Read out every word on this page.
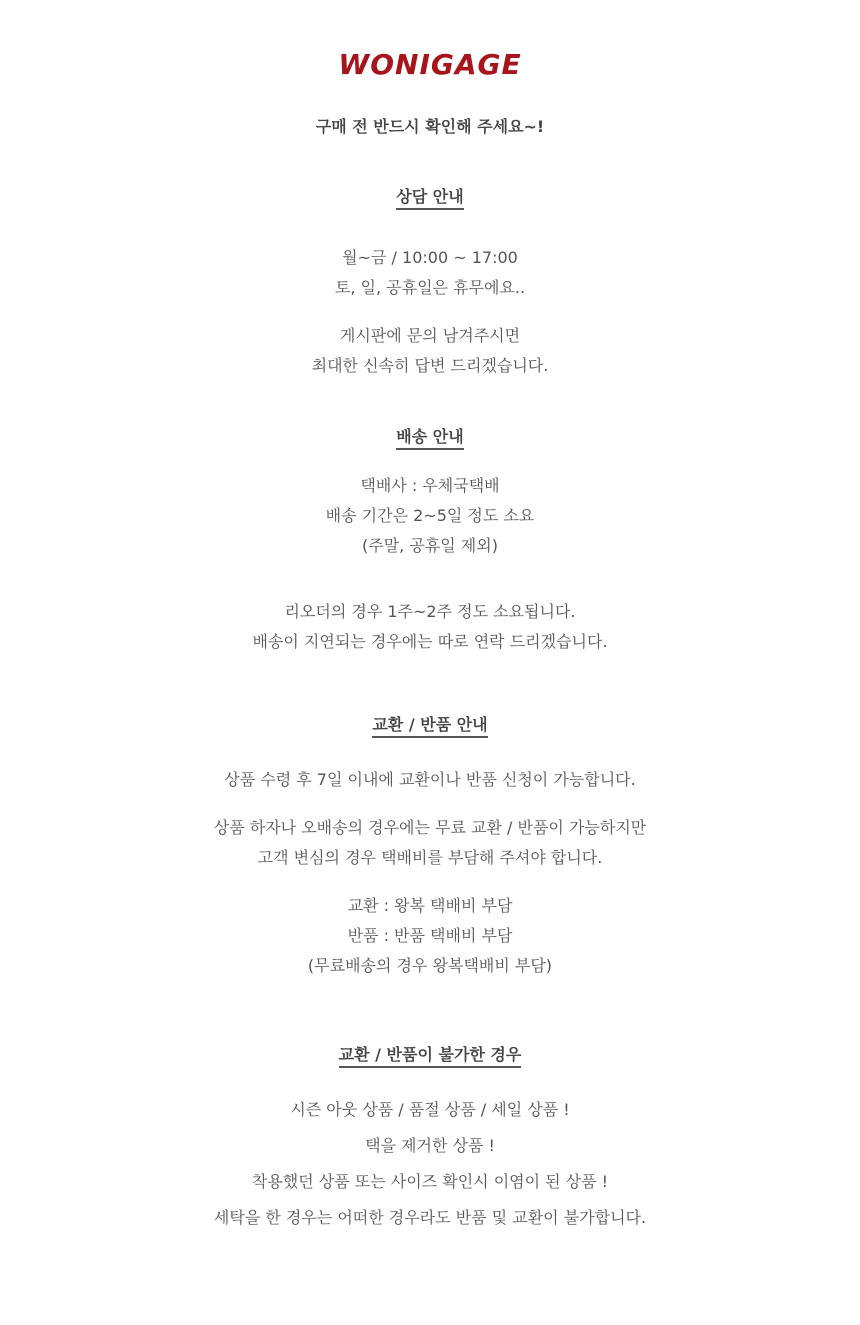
WONIGAGE
구매 전 반드시 확인해 주세요~!
상담 안내
월~금 / 10:00 ~ 17:00
토, 일, 공휴일은 휴무에요..
게시판에 문의 남겨주시면
최대한 신속히 답변 드리겠습니다.
배송 안내
택배사 : 우체국택배
배송 기간은 2~5일 정도 소요
(주말, 공휴일 제외)
리오더의 경우 1주~2주 정도 소요됩니다.
배송이 지연되는 경우에는 따로 연락 드리겠습니다.
교환 / 반품 안내
상품 수령 후 7일 이내에 교환이나 반품 신청이 가능합니다.
상품 하자나 오배송의 경우에는 무료 교환 / 반품이 가능하지만
고객 변심의 경우 택배비를 부담해 주셔야 합니다.
교환 : 왕복 택배비 부담
반품 : 반품 택배비 부담
(무료배송의 경우 왕복택배비 부담)
교환 / 반품이 불가한 경우
시즌 아웃 상품 / 품절 상품 / 세일 상품 !
택을 제거한 상품 !
착용했던 상품 또는 사이즈 확인시 이염이 된 상품 !
세탁을 한 경우는 어떠한 경우라도 반품 및 교환이 불가합니다.
